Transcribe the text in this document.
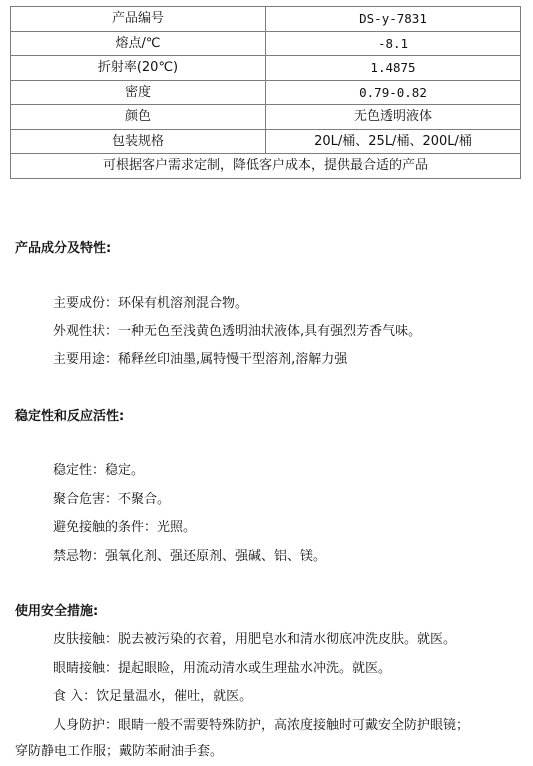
产品编号	DS-y-7831
熔点/℃	-8.1
折射率(20℃)	1.4875
密度	0.79-0.82
颜色	无色透明液体
包装规格	20L/桶、25L/桶、200L/桶
可根据客户需求定制，降低客户成本，提供最合适的产品	
产品成分及特性:
主要成份：环保有机溶剂混合物。
外观性状：一种无色至浅黄色透明油状液体,具有强烈芳香气味。
主要用途：稀释丝印油墨,属特慢干型溶剂,溶解力强
稳定性和反应活性:
稳定性：稳定。
聚合危害：不聚合。
避免接触的条件：光照。
禁忌物：强氧化剂、强还原剂、强碱、铝、镁。
使用安全措施:
皮肤接触：脱去被污染的衣着，用肥皂水和清水彻底冲洗皮肤。就医。
眼睛接触：提起眼睑，用流动清水或生理盐水冲洗。就医。
食 入：饮足量温水，催吐，就医。
人身防护：眼睛一般不需要特殊防护，高浓度接触时可戴安全防护眼镜；
穿防静电工作服；戴防苯耐油手套。
